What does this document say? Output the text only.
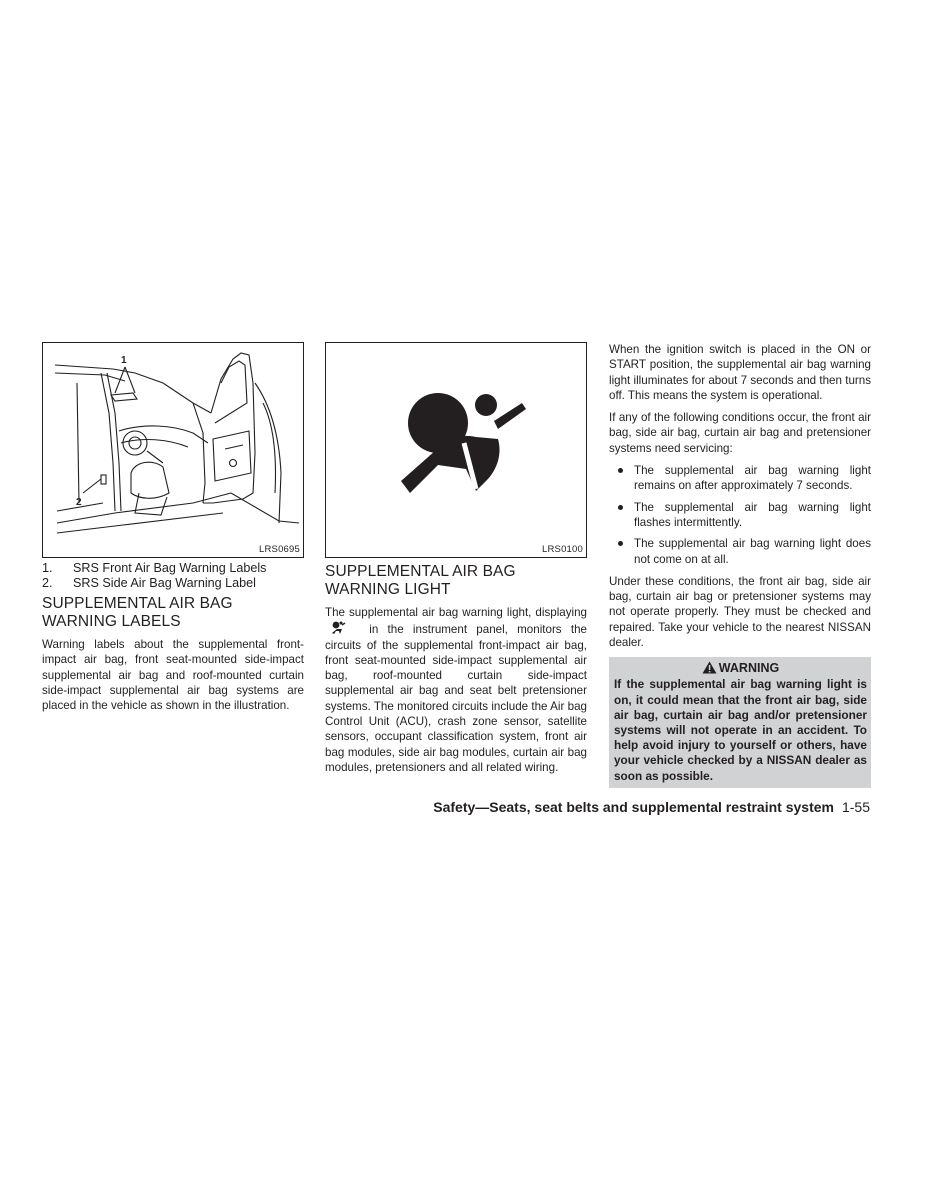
1
2
LRS0695
1.	SRS Front Air Bag Warning Labels
2.	SRS Side Air Bag Warning Label
SUPPLEMENTAL AIR BAG WARNING LABELS

Warning labels about the supplemental front-impact air bag, front seat-mounted side-impact supplemental air bag and roof-mounted curtain side-impact supplemental air bag systems are placed in the vehicle as shown in the illustration.

LRS0100
SUPPLEMENTAL AIR BAG WARNING LIGHT

The supplemental air bag warning light, displaying  in the instrument panel, monitors the circuits of the supplemental front-impact air bag, front seat-mounted side-impact supplemental air bag, roof-mounted curtain side-impact supplemental air bag and seat belt pretensioner systems. The monitored circuits include the Air bag Control Unit (ACU), crash zone sensor, satellite sensors, occupant classification system, front air bag modules, side air bag modules, curtain air bag modules, pretensioners and all related wiring.

When the ignition switch is placed in the ON or START position, the supplemental air bag warning light illuminates for about 7 seconds and then turns off. This means the system is operational.

If any of the following conditions occur, the front air bag, side air bag, curtain air bag and pretensioner systems need servicing:

The supplemental air bag warning light remains on after approximately 7 seconds.
The supplemental air bag warning light flashes intermittently.
The supplemental air bag warning light does not come on at all.

Under these conditions, the front air bag, side air bag, curtain air bag or pretensioner systems may not operate properly. They must be checked and repaired. Take your vehicle to the nearest NISSAN dealer.

WARNING
If the supplemental air bag warning light is on, it could mean that the front air bag, side air bag, curtain air bag and/or pretensioner systems will not operate in an accident. To help avoid injury to yourself or others, have your vehicle checked by a NISSAN dealer as soon as possible.
Safety—Seats, seat belts and supplemental restraint system 1-55
